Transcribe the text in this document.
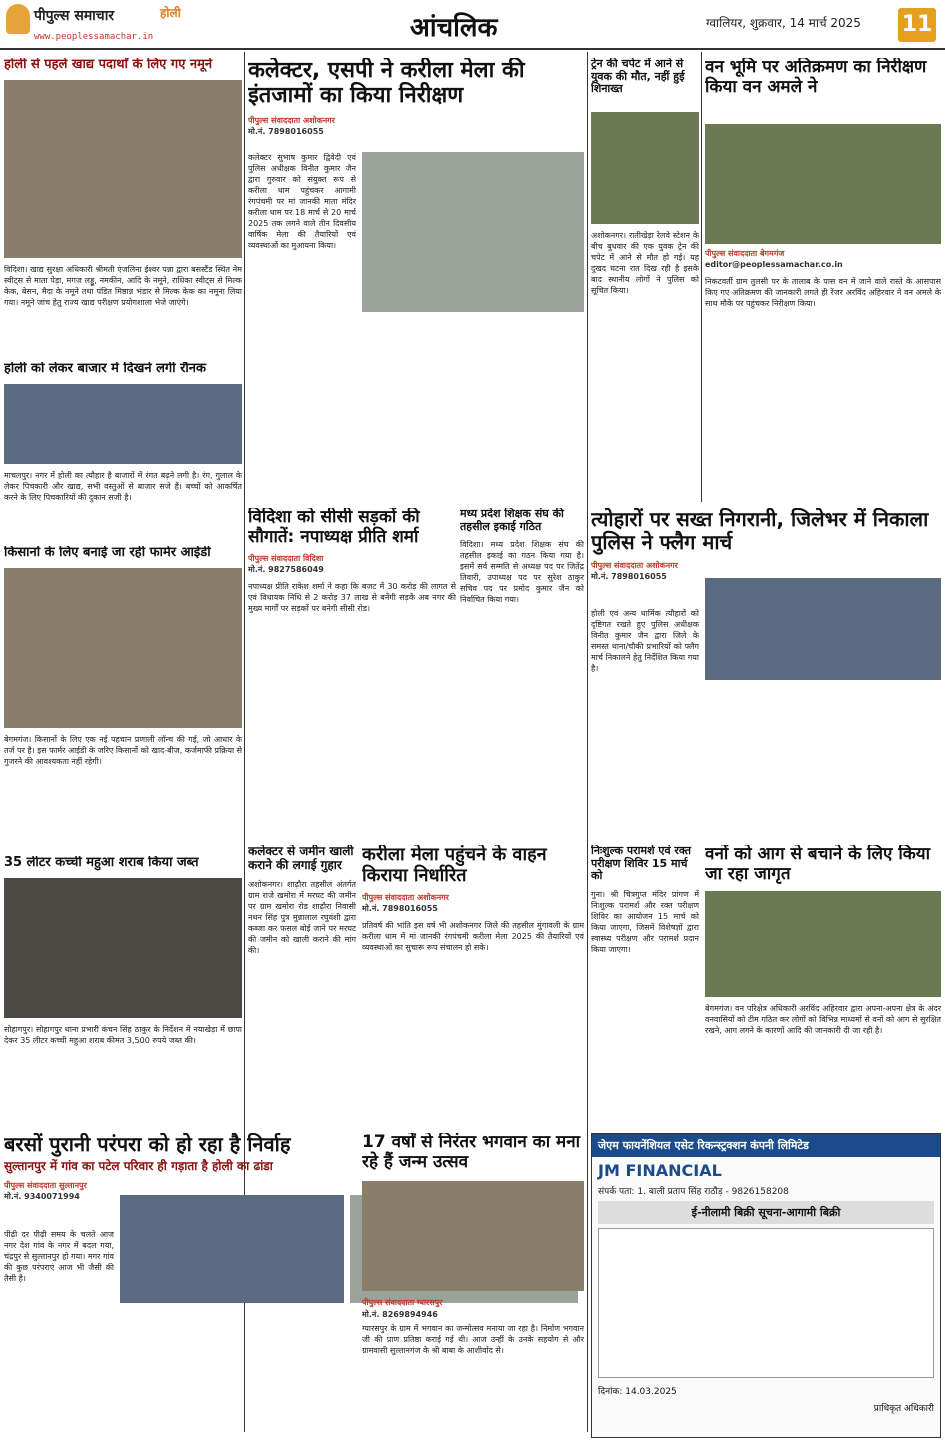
पीपुल्स समाचार
www.peoplessamachar.in
होली	आंचलिक	ग्वालियर, शुक्रवार, 14 मार्च 2025 11
होली से पहले खाद्य पदार्थों के लिए गए नमूने
विदिशा। खाद्य सुरक्षा अधिकारी श्रीमती एंजलिना ईश्वर पन्ना द्वारा बसस्टैंड स्थित नेम स्वीट्स से माता पेड़ा, मगज लड्डू, नमकीन, आदि के नमूने, राधिका स्वीट्स से मिल्क केक, बेसन, मैदा के नमूने तथा पंडित मिष्ठान्न भंडार से मिल्क केक का नमूना लिया गया। नमूने जांच हेतु राज्य खाद्य परीक्षण प्रयोगशाला भेजे जाएंगे।
होली को लेकर बाजार में दिखने लगी रौनक
माचलपुर। नगर में होली का त्यौहार है बाजारों में रंगत बढ़ने लगी है। रंग, गुलाल के लेकर पिचकारी और खाद्य, सभी वस्तुओं से बाजार सजे हैं। बच्चों को आकर्षित करने के लिए पिचकारियों की दुकान सजी है।
किसानों के लिए बनाई जा रही फार्मर आईडी
बेगमगंज। किसानों के लिए एक नई पहचान प्रणाली लॉन्च की गई, जो आधार के तर्ज पर है। इस फार्मर आईडी के जरिए किसानों को खाद-बीज, कर्जमाफी प्रक्रिया से गुजरने की आवश्यकता नहीं रहेगी।
35 लीटर कच्ची महुआ शराब किया जब्त
सोहागपुर। सोहागपुर थाना प्रभारी कंचन सिंह ठाकुर के निर्देशन में नयाखेड़ा में छापा देकर 35 लीटर कच्ची महुआ शराब कीमत 3,500 रुपये जब्त की।
बरसों पुरानी परंपरा को हो रहा है निर्वाह
सुल्तानपुर में गांव का पटेल परिवार ही गड़ाता है होली का ढांडा
पीपुल्स संवाददाता सुल्तानपुर
मो.नं. 9340071994
पीढ़ी दर पीढ़ी समय के चलते आज नगर देश गांव के नगर में बदल गया, चंद्रपुर से सुल्तानपुर हो गया। मगर गांव की कुछ परंपराएं आज भी जैसी की तैसी है।
कलेक्टर, एसपी ने करीला मेला की इंतजामों का किया निरीक्षण
पीपुल्स संवाददाता अशोकनगर
मो.नं. 7898016055
कलेक्टर सुभाष कुमार द्विवेदी एवं पुलिस अधीक्षक विनीत कुमार जैन द्वारा गुरुवार को संयुक्त रूप से करीला धाम पहुंचकर आगामी रंगपंचमी पर मां जानकी माता मंदिर करीला धाम पर 18 मार्च से 20 मार्च 2025 तक लगने वाले तीन दिवसीय वार्षिक मेला की तैयारियों एवं व्यवस्थाओं का मुआयना किया।
विदिशा को सीसी सड़कों की सौगातें: नपाध्यक्ष प्रीति शर्मा
पीपुल्स संवाददाता विदिशा
मो.नं. 9827586049
नपाध्यक्ष प्रीति राकेश शर्मा ने कहा कि बजट में 30 करोड़ की लागत से एवं विधायक निधि से 2 करोड़ 37 लाख से बनेंगी सड़कें अब नगर की मुख्य मार्गों पर सड़कों पर बनेगी सीसी रोड।
मध्य प्रदेश शिक्षक संघ की तहसील इकाई गठित
विदिशा। मध्य प्रदेश शिक्षक संघ की तहसील इकाई का गठन किया गया है। इसमें सर्व सम्मति से अध्यक्ष पद पर जितेंद्र तिवारी, उपाध्यक्ष पद पर सुरेश ठाकुर सचिव पद पर प्रमोद कुमार जैन को निर्वाचित किया गया।
कलेक्टर से जमीन खाली कराने की लगाई गुहार
अशोकनगर। शाढ़ौरा तहसील अंतर्गत ग्राम राजे खमोरा में मरघट की जमीन पर ग्राम खमोरा रोड शाढ़ौरा निवासी नथन सिंह पुत्र मुन्नालाल रघुवंशी द्वारा कब्जा कर फसल बोई जाने पर मरघट की जमीन को खाली कराने की मांग की।
करीला मेला पहुंचने के वाहन किराया निर्धारित
पीपुल्स संवाददाता अशोकनगर
मो.नं. 7898016055
प्रतिवर्ष की भांति इस वर्ष भी अशोकनगर जिले की तहसील मुंगावली के ग्राम करीला धाम में मां जानकी रंगपंचमी करीला मेला 2025 की तैयारियों एवं व्यवस्थाओं का सुचारू रूप संचालन हो सके।
17 वर्षों से निरंतर भगवान का मना रहे हैं जन्म उत्सव
पीपुल्स संवाददाता ग्यारसपुर
मो.नं. 8269894946
ग्यारसपुर के ग्राम में भगवान का जन्मोत्सव मनाया जा रहा है। निर्माण भगवान जी की प्राण प्रतिष्ठा कराई गई थी। आज उन्हीं के उनके सहयोग से और ग्रामवासी सुल्तानगंज के श्री बाबा के आशीर्वाद से।
ट्रेन की चपेट में आने से युवक की मौत, नहीं हुई शिनाख्त
अशोकनगर। रातीखेड़ा रेलवे स्टेशन के बीच बुधवार की एक युवक ट्रेन की चपेट में आने से मौत हो गई। यह दुखद घटना रात दिख रही है इसके बाद स्थानीय लोगों ने पुलिस को सूचित किया।
वन भूमि पर अतिक्रमण का निरीक्षण किया वन अमले ने
पीपुल्स संवाददाता बेगमगंज
editor@peoplessamachar.co.in
निकटवर्ती ग्राम तुलसी पर के तालाब के पास वन में जाने वाले रास्ते के आसपास किए गए अतिक्रमण की जानकारी लगते ही रेंजर अरविंद अहिरवार ने वन अमले के साथ मौके पर पहुंचकर निरीक्षण किया।
त्योहारों पर सख्त निगरानी, जिलेभर में निकाला पुलिस ने फ्लैग मार्च
पीपुल्स संवाददाता अशोकनगर
मो.नं. 7898016055
होली एवं अन्य धार्मिक त्यौहारों को दृष्टिगत रखते हुए पुलिस अधीक्षक विनीत कुमार जैन द्वारा जिले के समस्त थाना/चौकी प्रभारियों को फ्लैग मार्च निकालने हेतु निर्देशित किया गया है।
निःशुल्क परामर्श एवं रक्त परीक्षण शिविर 15 मार्च को
गुना। श्री चित्रगुप्त मंदिर प्रांगण में निःशुल्क परामर्श और रक्त परीक्षण शिविर का आयोजन 15 मार्च को किया जाएगा, जिसमें विशेषज्ञों द्वारा स्वास्थ्य परीक्षण और परामर्श प्रदान किया जाएगा।
वनों को आग से बचाने के लिए किया जा रहा जागृत
बेगमगंज। वन परिक्षेत्र अधिकारी अरविंद अहिरवार द्वारा अपना-अपना क्षेत्र के अंदर वनवासियों को टीम गठित कर लोगों को विभिन्न माध्यमों से वनों को आग से सुरक्षित रखने, आग लगने के कारणों आदि की जानकारी दी जा रही है।
जेएम फायनेंशियल एसेट रिकन्स्ट्रक्शन कंपनी लिमिटेड
JM FINANCIAL
संपर्क पता: 1. बाली प्रताप सिंह राठौड़ - 9826158208
ई-नीलामी बिक्री सूचना-आगामी बिक्री
दिनांक: 14.03.2025
प्राधिकृत अधिकारी
